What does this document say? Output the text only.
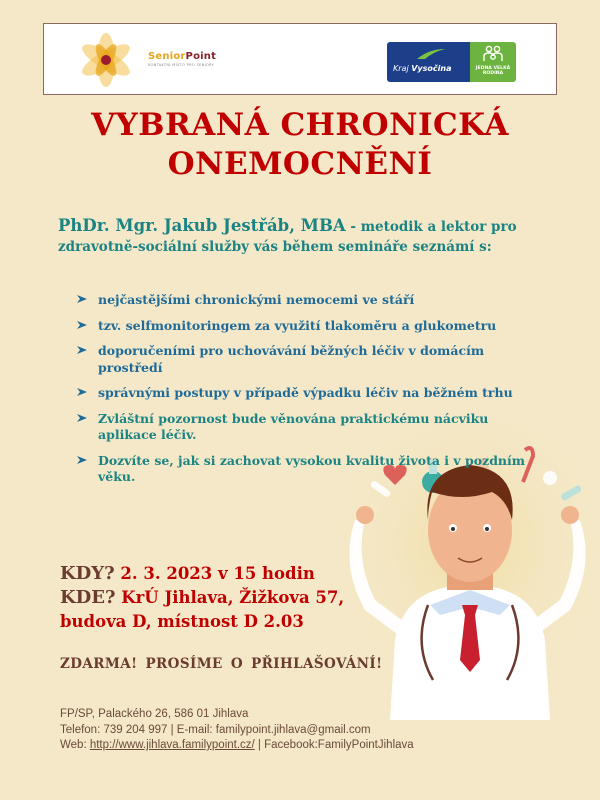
SeniorPoint
KONTAKTNÍ MÍSTO PRO SENIORY	Kraj Vysočina	JEDNA VELKÁ
RODINA
VYBRANÁ CHRONICKÁ
ONEMOCNĚNÍ
PhDr. Mgr. Jakub Jestřáb, MBA - metodik a lektor pro zdravotně-sociální služby vás během semináře seznámí s:
nejčastějšími chronickými nemocemi ve stáří
tzv. selfmonitoringem za využití tlakoměru a glukometru
doporučeními pro uchovávání běžných léčiv v domácím prostředí
správnými postupy v případě výpadku léčiv na běžném trhu
Zvláštní pozornost bude věnována praktickému nácviku aplikace léčiv.
Dozvíte se, jak si zachovat vysokou kvalitu života i v pozdním věku.
KDY? 2. 3. 2023 v 15 hodin
KDE? KrÚ Jihlava, Žižkova 57,
budova D, místnost D 2.03
ZDARMA! PROSÍME O PŘIHLAŠOVÁNÍ!
FP/SP, Palackého 26, 586 01 Jihlava
Telefon: 739 204 997 | E-mail: familypoint.jihlava@gmail.com
Web: http://www.jihlava.familypoint.cz/ | Facebook:FamilyPointJihlava
